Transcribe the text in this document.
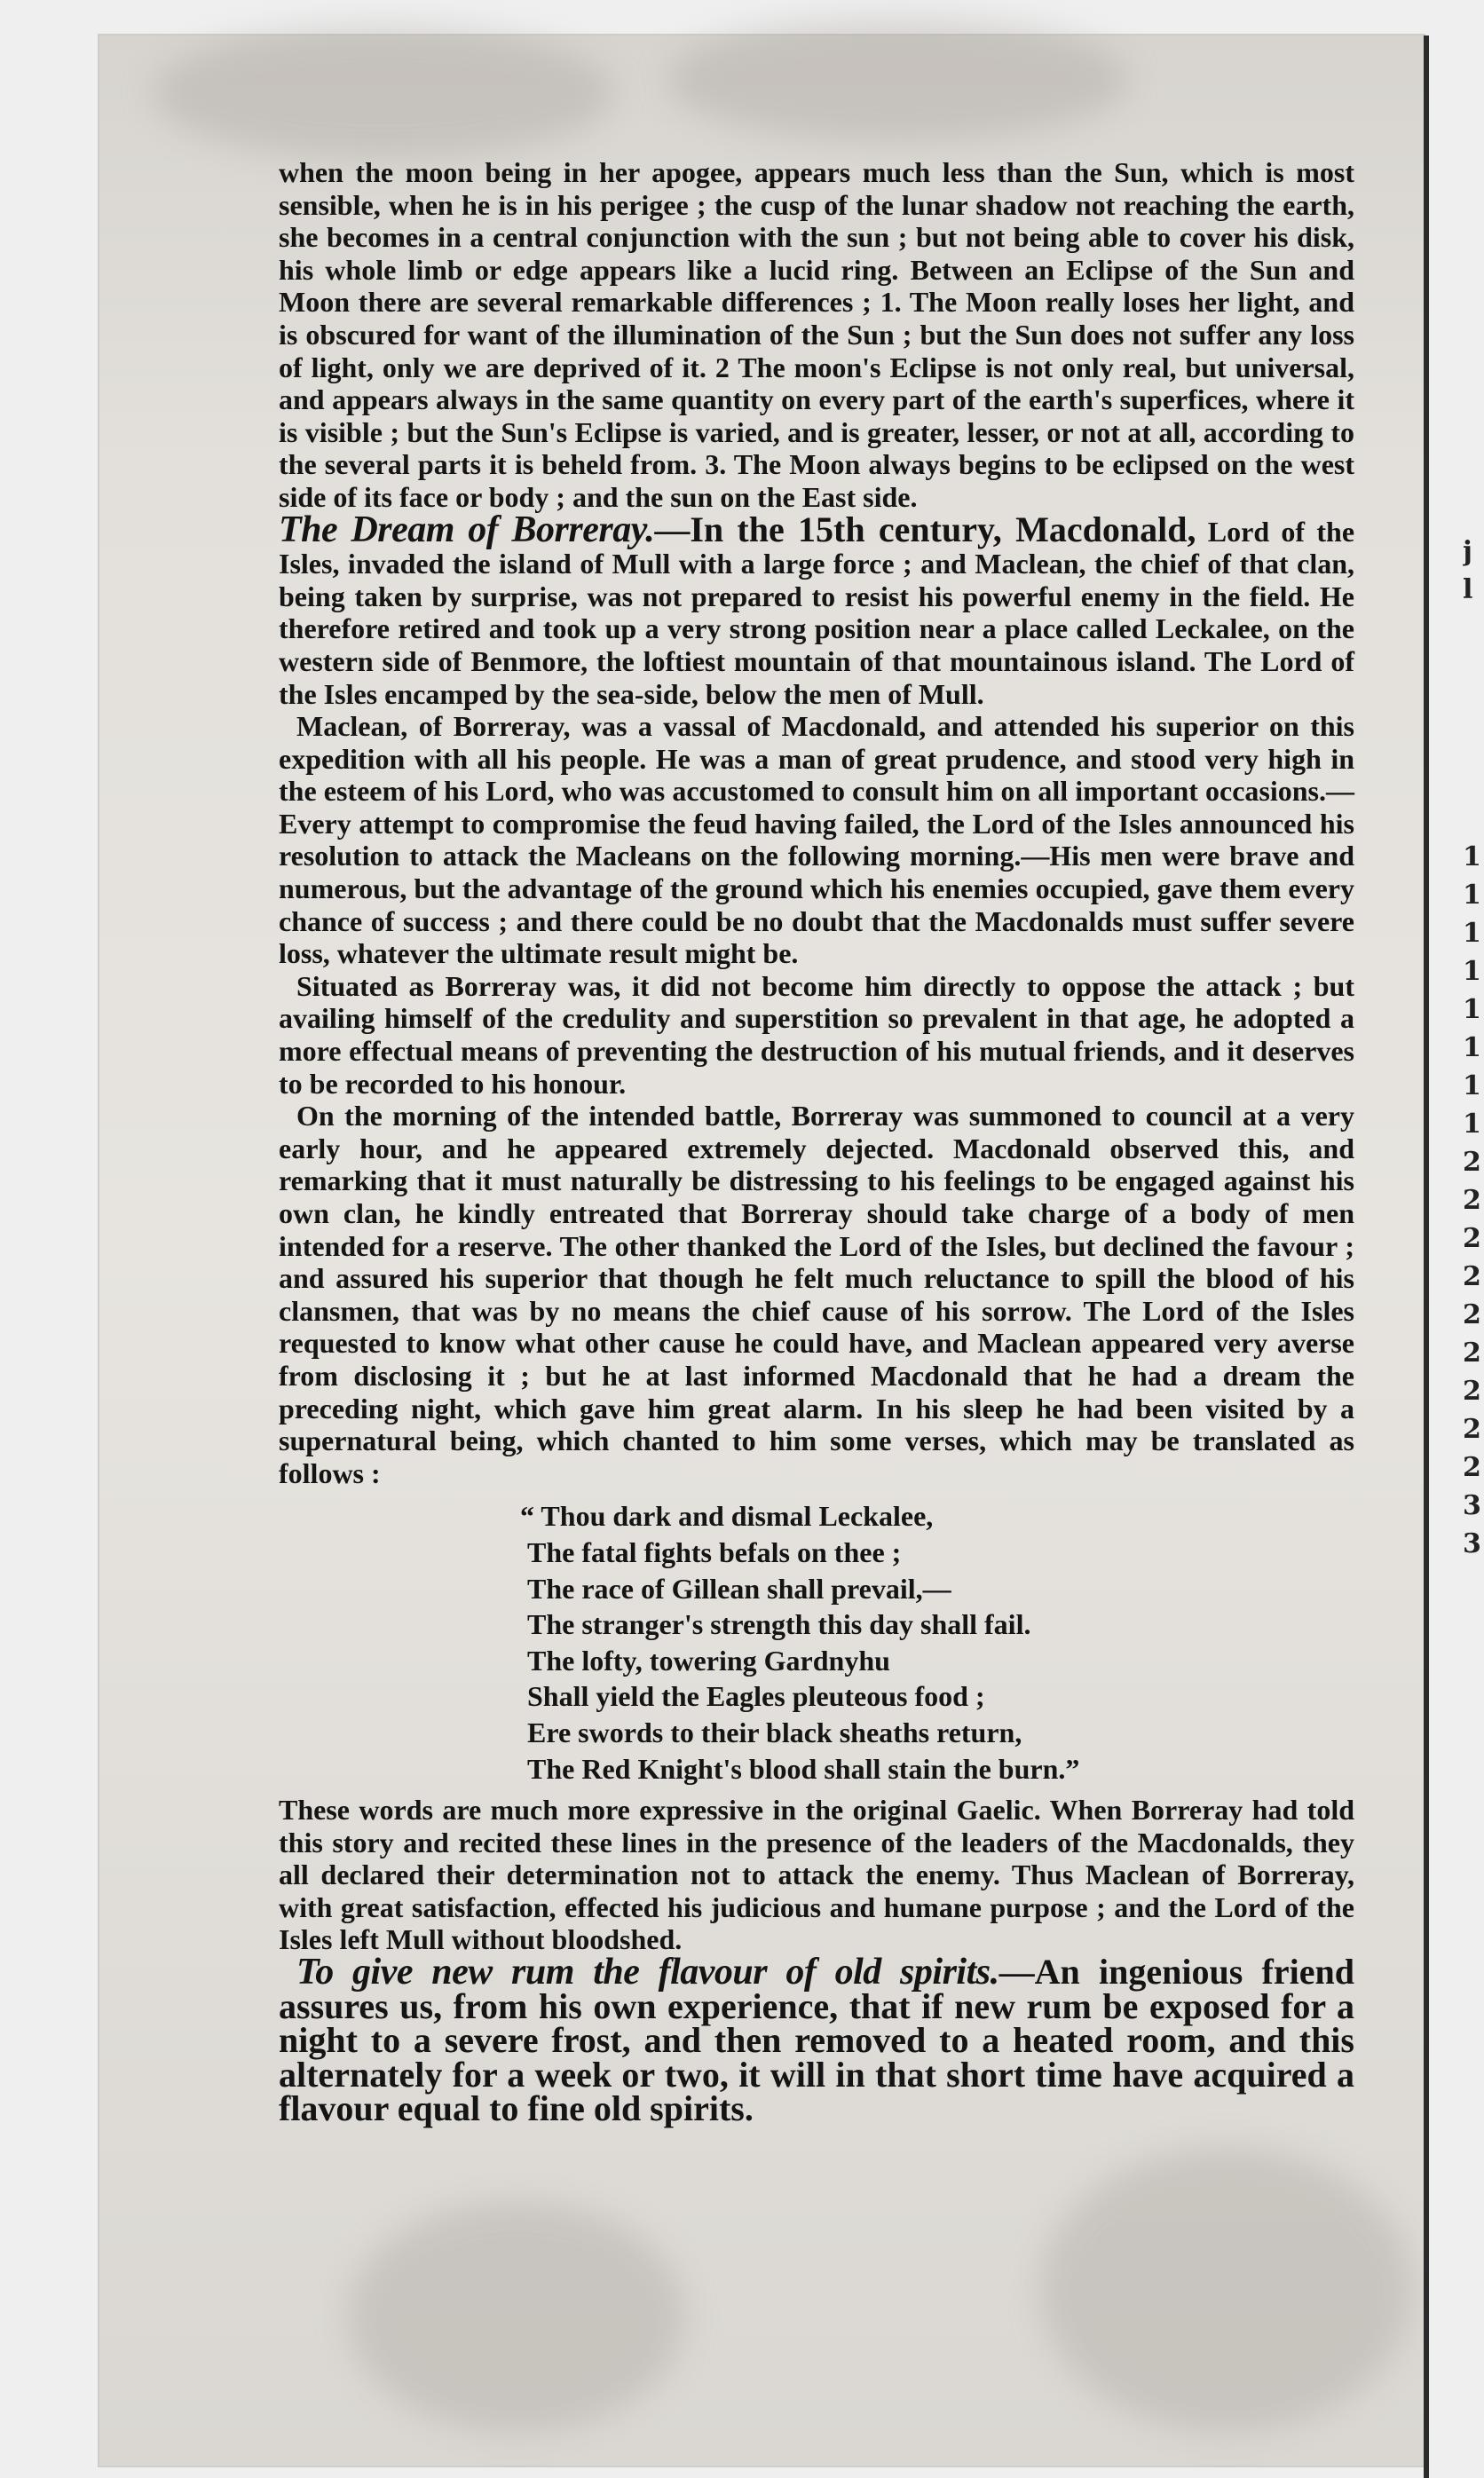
j
l

1
1
1
1
1
1
1
1
2
2
2
2
2
2
2
2
2
3
3

when the moon being in her apogee, appears much less than the Sun, which is most sensible, when he is in his perigee ; the cusp of the lunar shadow not reaching the earth, she becomes in a central conjunction with the sun ; but not being able to cover his disk, his whole limb or edge appears like a lucid ring. Between an Eclipse of the Sun and Moon there are several remarkable differences ; 1. The Moon really loses her light, and is obscured for want of the illumination of the Sun ; but the Sun does not suffer any loss of light, only we are deprived of it. 2 The moon's Eclipse is not only real, but universal, and appears always in the same quantity on every part of the earth's superfices, where it is visible ; but the Sun's Eclipse is varied, and is greater, lesser, or not at all, according to the several parts it is beheld from. 3. The Moon always begins to be eclipsed on the west side of its face or body ; and the sun on the East side.

The Dream of Borreray.—In the 15th century, Macdonald, Lord of the Isles, invaded the island of Mull with a large force ; and Maclean, the chief of that clan, being taken by surprise, was not prepared to resist his powerful enemy in the field. He therefore retired and took up a very strong position near a place called Leckalee, on the western side of Benmore, the loftiest mountain of that mountainous island. The Lord of the Isles encamped by the sea-side, below the men of Mull.

Maclean, of Borreray, was a vassal of Macdonald, and attended his superior on this expedition with all his people. He was a man of great prudence, and stood very high in the esteem of his Lord, who was accustomed to consult him on all important occasions.—Every attempt to compromise the feud having failed, the Lord of the Isles announced his resolution to attack the Macleans on the following morning.—His men were brave and numerous, but the advantage of the ground which his enemies occupied, gave them every chance of success ; and there could be no doubt that the Macdonalds must suffer severe loss, whatever the ultimate result might be.

Situated as Borreray was, it did not become him directly to oppose the attack ; but availing himself of the credulity and superstition so prevalent in that age, he adopted a more effectual means of preventing the destruction of his mutual friends, and it deserves to be recorded to his honour.

On the morning of the intended battle, Borreray was summoned to council at a very early hour, and he appeared extremely dejected. Macdonald observed this, and remarking that it must naturally be distressing to his feelings to be engaged against his own clan, he kindly entreated that Borreray should take charge of a body of men intended for a reserve. The other thanked the Lord of the Isles, but declined the favour ; and assured his superior that though he felt much reluctance to spill the blood of his clansmen, that was by no means the chief cause of his sorrow. The Lord of the Isles requested to know what other cause he could have, and Maclean appeared very averse from disclosing it ; but he at last informed Macdonald that he had a dream the preceding night, which gave him great alarm. In his sleep he had been visited by a supernatural being, which chanted to him some verses, which may be translated as follows :

“ Thou dark and dismal Leckalee,
The fatal fights befals on thee ;
The race of Gillean shall prevail,—
The stranger's strength this day shall fail.
The lofty, towering Gardnyhu
Shall yield the Eagles pleuteous food ;
Ere swords to their black sheaths return,
The Red Knight's blood shall stain the burn.”

These words are much more expressive in the original Gaelic. When Borreray had told this story and recited these lines in the presence of the leaders of the Macdonalds, they all declared their determination not to attack the enemy. Thus Maclean of Borreray, with great satisfaction, effected his judicious and humane purpose ; and the Lord of the Isles left Mull without bloodshed.

To give new rum the flavour of old spirits.—An ingenious friend assures us, from his own experience, that if new rum be exposed for a night to a severe frost, and then removed to a heated room, and this alternately for a week or two, it will in that short time have acquired a flavour equal to fine old spirits.
